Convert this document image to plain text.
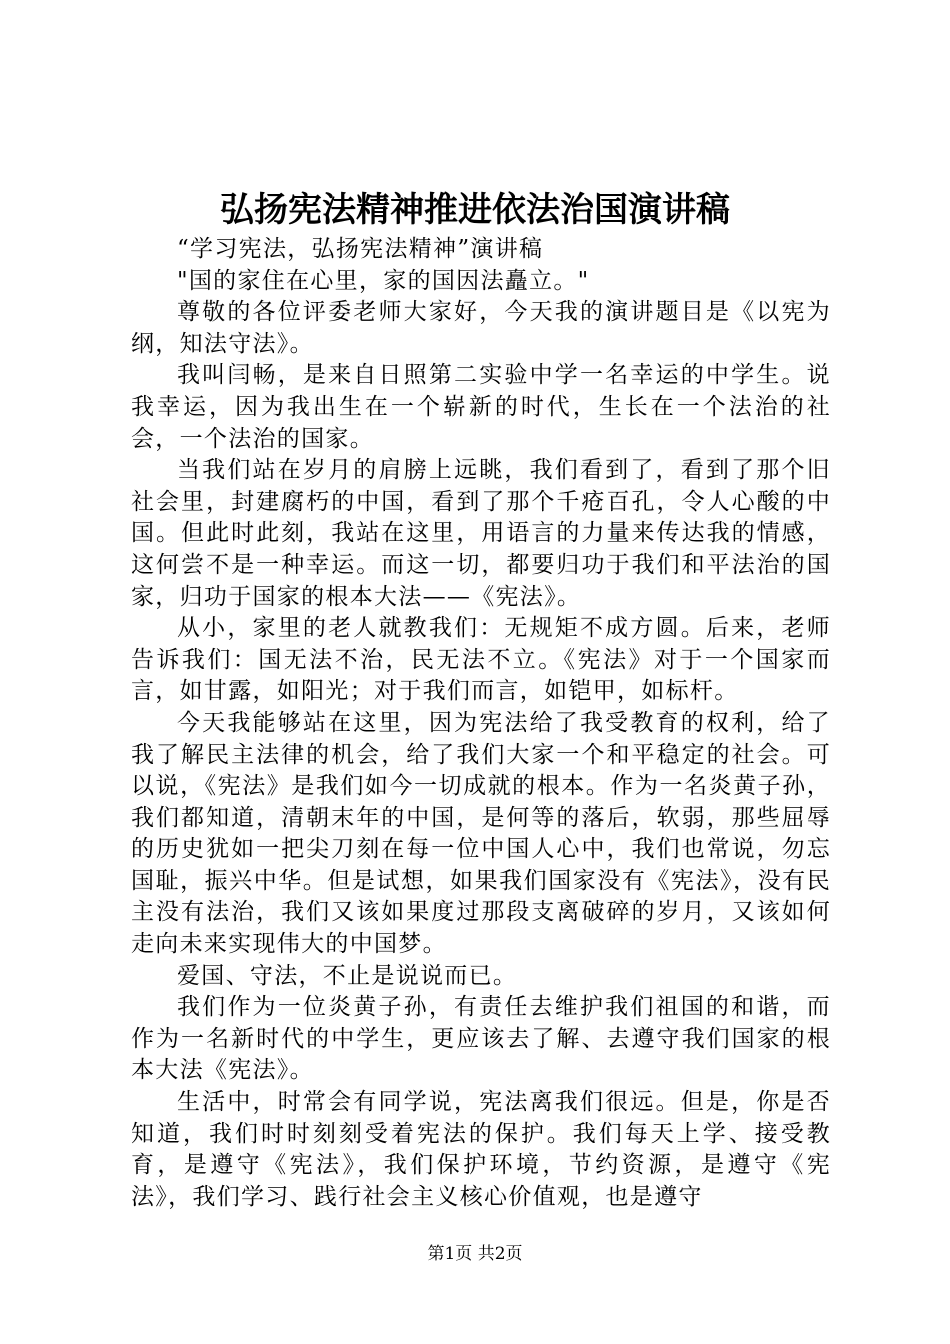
弘扬宪法精神推进依法治国演讲稿

“学习宪法，弘扬宪法精神”演讲稿

"国的家住在心里，家的国因法矗立。"

尊敬的各位评委老师大家好，今天我的演讲题目是《以宪为纲，知法守法》。

我叫闫畅，是来自日照第二实验中学一名幸运的中学生。说我幸运，因为我出生在一个崭新的时代，生长在一个法治的社会，一个法治的国家。

当我们站在岁月的肩膀上远眺，我们看到了，看到了那个旧社会里，封建腐朽的中国，看到了那个千疮百孔，令人心酸的中国。但此时此刻，我站在这里，用语言的力量来传达我的情感，这何尝不是一种幸运。而这一切，都要归功于我们和平法治的国家，归功于国家的根本大法——《宪法》。

从小，家里的老人就教我们：无规矩不成方圆。后来，老师告诉我们：国无法不治，民无法不立。《宪法》对于一个国家而言，如甘露，如阳光；对于我们而言，如铠甲，如标杆。

今天我能够站在这里，因为宪法给了我受教育的权利，给了我了解民主法律的机会，给了我们大家一个和平稳定的社会。可以说，《宪法》是我们如今一切成就的根本。作为一名炎黄子孙，我们都知道，清朝末年的中国，是何等的落后，软弱，那些屈辱的历史犹如一把尖刀刻在每一位中国人心中，我们也常说，勿忘国耻，振兴中华。但是试想，如果我们国家没有《宪法》，没有民主没有法治，我们又该如果度过那段支离破碎的岁月，又该如何走向未来实现伟大的中国梦。

爱国、守法，不止是说说而已。

我们作为一位炎黄子孙，有责任去维护我们祖国的和谐，而作为一名新时代的中学生，更应该去了解、去遵守我们国家的根本大法《宪法》。

生活中，时常会有同学说，宪法离我们很远。但是，你是否知道，我们时时刻刻受着宪法的保护。我们每天上学、接受教育，是遵守《宪法》，我们保护环境，节约资源，是遵守《宪法》，我们学习、践行社会主义核心价值观，也是遵守

第1页 共2页
